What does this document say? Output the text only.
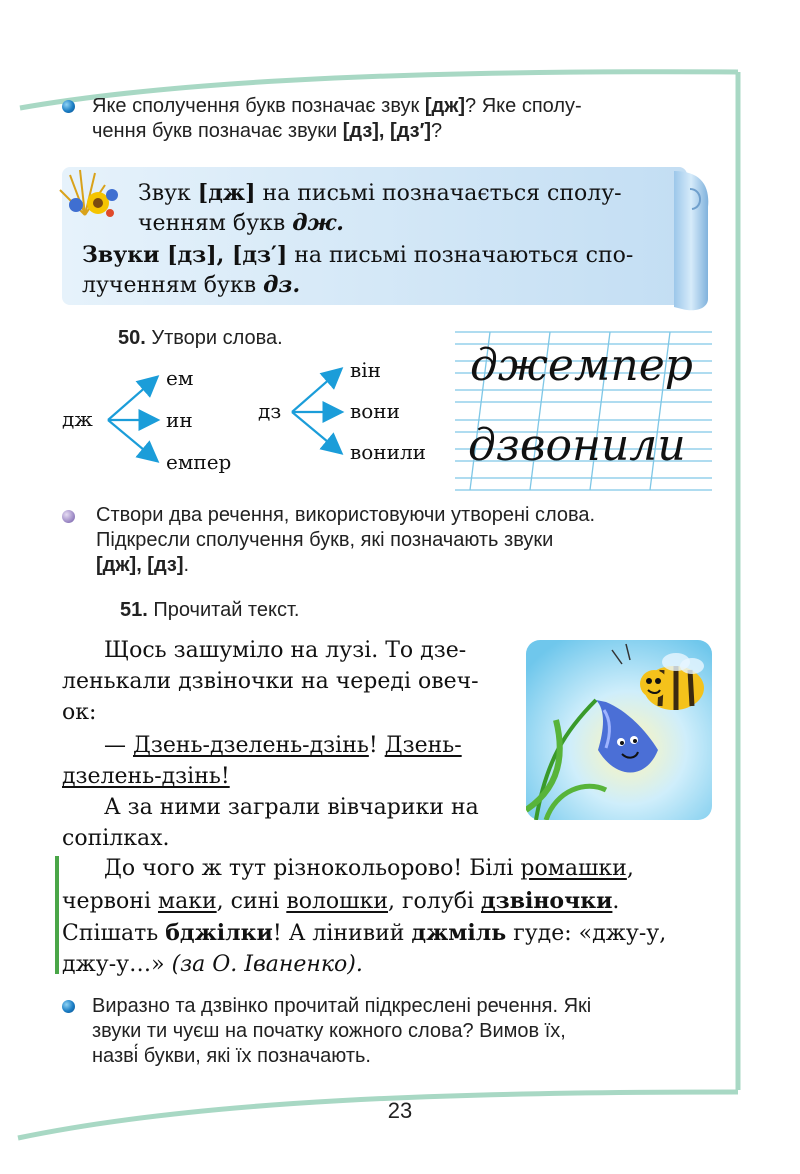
Яке сполучення букв позначає звук [дж]? Яке сполу-
чення букв позначає звуки [дз], [дз′]?
Звук [дж] на письмі позначається сполу-
ченням букв дж.
Звуки [дз], [дз′] на письмі позначаються спо-
лученням букв дз.
50. Утвори слова.
дж
ем
ин
емпер
дз
він
вони
вонили
джемпер
дзвонили
Створи два речення, використовуючи утворені слова.
Підкресли сполучення букв, які позначають звуки
[дж], [дз].
51. Прочитай текст.
Щось зашуміло на лузі. То дзе-
ленькали дзвіночки на череді овеч-
ок:
— Дзень-дзелень-дзінь! Дзень-
дзелень-дзінь!
А за ними заграли вівчарики на
сопілках.
До чого ж тут різнокольорово! Білі ромашки,
червоні маки, сині волошки, голубі дзвіночки.
Спішать бджілки! А лінивий джміль гуде: «джу-у,
джу-у…» (за О. Іваненко).
Виразно та дзвінко прочитай підкреслені речення. Які
звуки ти чуєш на початку кожного слова? Вимов їх,
назві́ букви, які їх позначають.
23
